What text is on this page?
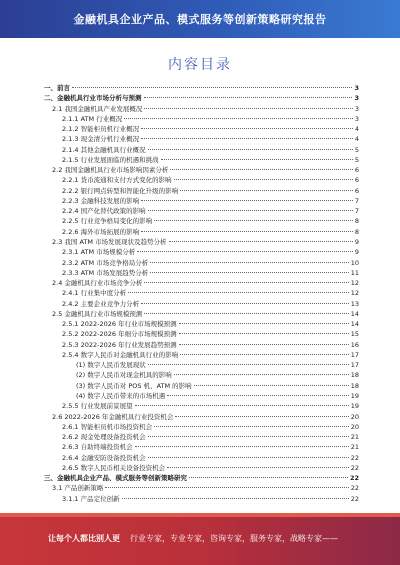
金融机具企业产品、模式服务等创新策略研究报告
内容目录
一、前言	3
二、金融机具行业市场分析与预测	3
2.1 我国金融机具产业发展概况	3
2.1.1 ATM 行业概况	3
2.1.2 智能柜员机行业概况	4
2.1.3 现金清分机行业概况	4
2.1.4 其他金融机具行业概况	5
2.1.5 行业发展面临的机遇和挑战	5
2.2 我国金融机具行业市场影响因素分析	6
2.2.1 货币流通和支付方式变化的影响	6
2.2.2 银行网点转型和智能化升级的影响	6
2.2.3 金融科技发展的影响	7
2.2.4 国产化替代政策的影响	7
2.2.5 行业竞争格局变化的影响	8
2.2.6 海外市场拓展的影响	8
2.3 我国 ATM 市场发展现状及趋势分析	9
2.3.1 ATM 市场规模分析	9
2.3.2 ATM 市场竞争格局分析	10
2.3.3 ATM 市场发展趋势分析	11
2.4 金融机具行业市场竞争分析	12
2.4.1 行业集中度分析	12
2.4.2 主要企业竞争力分析	13
2.5 金融机具行业市场规模预测	14
2.5.1 2022-2026 年行业市场规模预测	14
2.5.2 2022-2026 年细分市场规模预测	15
2.5.3 2022-2026 年行业发展趋势预测	16
2.5.4 数字人民币对金融机具行业的影响	17
(1) 数字人民币发展现状	17
(2) 数字人民币对现金机具的影响	18
(3) 数字人民币对 POS 机、ATM 的影响	18
(4) 数字人民币带来的市场机遇	19
2.5.5 行业发展前景展望	19
2.6 2022-2026 年金融机具行业投资机会	20
2.6.1 智能柜员机市场投资机会	20
2.6.2 现金处理设备投资机会	21
2.6.3 自助终端投资机会	21
2.6.4 金融安防设备投资机会	22
2.6.5 数字人民币相关设备投资机会	22
三、金融机具企业产品、模式服务等创新策略研究	22
3.1 产品创新策略	22
3.1.1 产品定位创新	22
让每个人都比别人更 行业专家，专业专家，咨询专家，服务专家，战略专家——
